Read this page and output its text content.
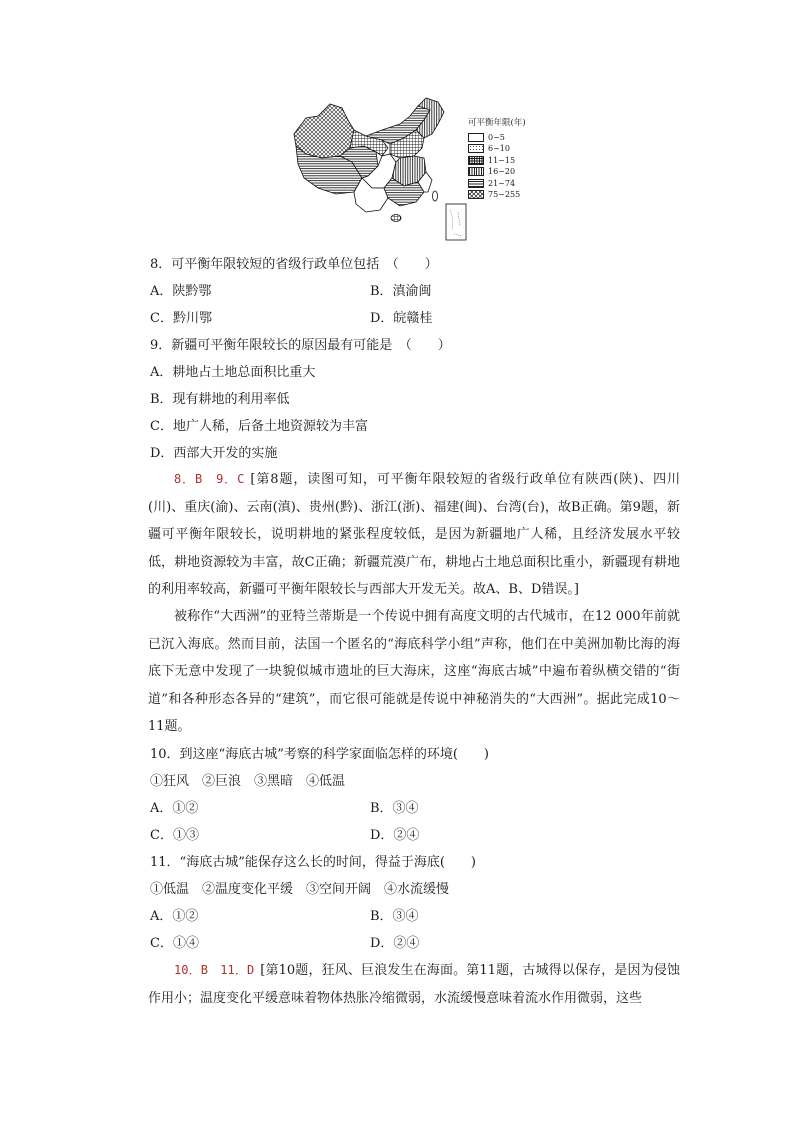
可平衡年限(年)
0~5
6~10
11~15
16~20
21~74
75~255
8．可平衡年限较短的省级行政单位包括　（　　）
A．陕黔鄂	B．滇渝闽
C．黔川鄂	D．皖赣桂
9．新疆可平衡年限较长的原因最有可能是　（　　）
A．耕地占土地总面积比重大
B．现有耕地的利用率低
C．地广人稀，后备土地资源较为丰富
D．西部大开发的实施
8．B　9．C [第8题，读图可知，可平衡年限较短的省级行政单位有陕西(陕)、四川(川)、重庆(渝)、云南(滇)、贵州(黔)、浙江(浙)、福建(闽)、台湾(台)，故B正确。第9题，新疆可平衡年限较长，说明耕地的紧张程度较低，是因为新疆地广人稀，且经济发展水平较低，耕地资源较为丰富，故C正确；新疆荒漠广布，耕地占土地总面积比重小，新疆现有耕地的利用率较高，新疆可平衡年限较长与西部大开发无关。故A、B、D错误。]
被称作“大西洲”的亚特兰蒂斯是一个传说中拥有高度文明的古代城市，在12 000年前就已沉入海底。然而目前，法国一个匿名的“海底科学小组”声称，他们在中美洲加勒比海的海底下无意中发现了一块貌似城市遗址的巨大海床，这座“海底古城”中遍布着纵横交错的“街道”和各种形态各异的“建筑”，而它很可能就是传说中神秘消失的“大西洲”。据此完成10～11题。
10．到这座“海底古城”考察的科学家面临怎样的环境(　　)
①狂风　②巨浪　③黑暗　④低温
A．①②	B．③④
C．①③	D．②④
11．“海底古城”能保存这么长的时间，得益于海底(　　)
①低温　②温度变化平缓　③空间开阔　④水流缓慢
A．①②	B．③④
C．①④	D．②④
10．B　11．D [第10题，狂风、巨浪发生在海面。第11题，古城得以保存，是因为侵蚀作用小；温度变化平缓意味着物体热胀冷缩微弱，水流缓慢意味着流水作用微弱，这些
